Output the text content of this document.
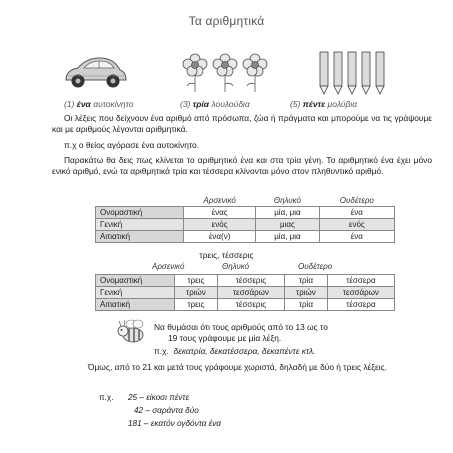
Τα αριθμητικά
(1) ένα αυτοκίνητο	(3) τρία λουλούδια	(5) πέντε μολύβια
Οι λέξεις που δείχνουν ένα αριθμό από πρόσωπα, ζώα ή πράγματα και μπορούμε να τις γράψουμε και με αριθμούς λέγονται αριθμητικά.
π.χ ο θείος αγόρασε ένα αυτοκίνητο.
Παρακάτω θα δεις πως κλίνεται το αριθμητικό ένα και στα τρία γένη. Το αριθμητικό ένα έχει μόνο ενικό αριθμό, ενώ τα αριθμητικά τρία και τέσσερα κλίνονται μόνο στον πληθυντικό αριθμό.
	Αρσενικό	Θηλυκό	Ουδέτερο
Ονομαστική	ένας	μία, μια	ένα
Γενική	ενός	μιας	ενός
Αιτιατική	ένα(ν)	μία, μια	ένα
τρεις, τέσσερις
Αρσενικό	Θηλυκό	Ουδέτερο
Ονομαστική	τρεις	τέσσερις	τρία	τέσσερα
Γενική	τριών	τεσσάρων	τριών	τεσσάρων
Αιτιατική	τρεις	τέσσερις	τρία	τέσσερα
Να θυμάσαι ότι τους αριθμούς από το 13 ως το
19 τους γράφουμε με μία λέξη.
π.χ. δεκατρία, δεκατέσσερα, δεκαπέντε κτλ.
Όμως, από το 21 και μετά τους γράφουμε χωριστά, δηλαδή με δύο ή τρεις λέξεις.
π.χ. 25 – είκοσι πέντε
42 – σαράντα δύο
181 – εκατόν ογδόντα ένα
